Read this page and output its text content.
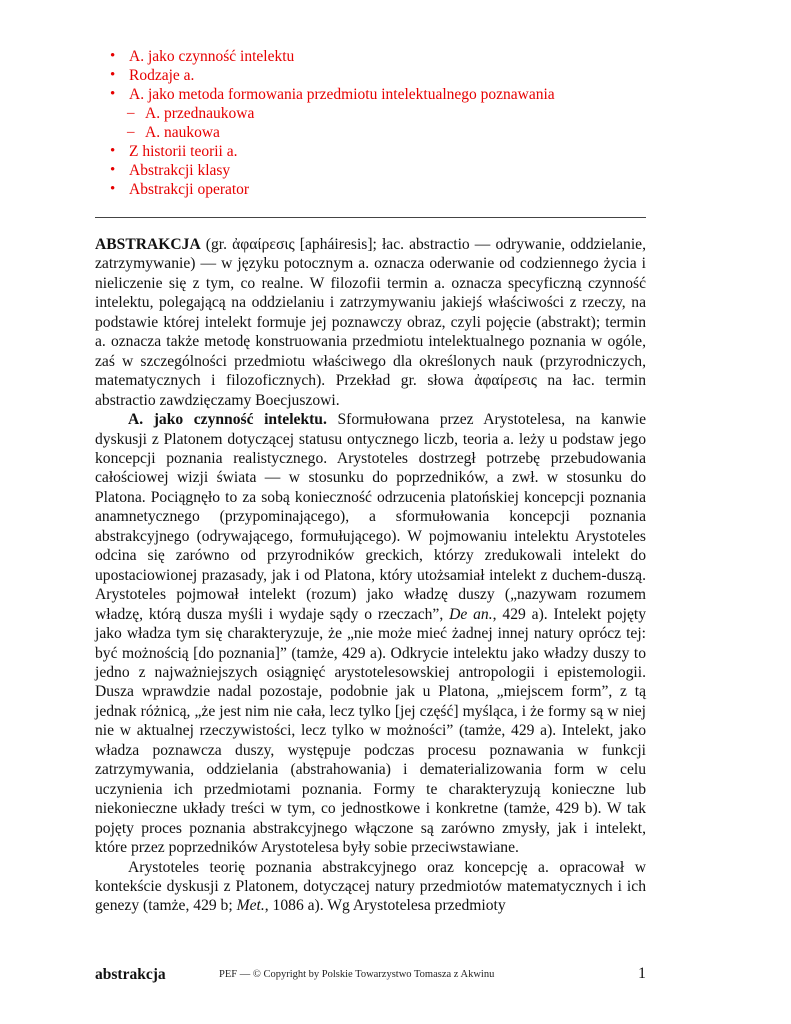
• A. jako czynność intelektu
• Rodzaje a.
• A. jako metoda formowania przedmiotu intelektualnego poznawania
– A. przednaukowa
– A. naukowa
• Z historii teorii a.
• Abstrakcji klasy
• Abstrakcji operator

ABSTRAKCJA (gr. ἀφαίρεσις [apháiresis]; łac. abstractio — odrywanie, oddzielanie, zatrzymywanie) — w języku potocznym a. oznacza oderwanie od codziennego życia i nieliczenie się z tym, co realne. W filozofii termin a. oznacza specyficzną czynność intelektu, polegającą na oddzielaniu i zatrzymywaniu jakiejś właściwości z rzeczy, na podstawie której intelekt formuje jej poznawczy obraz, czyli pojęcie (abstrakt); termin a. oznacza także metodę konstruowania przedmiotu intelektualnego poznania w ogóle, zaś w szczególności przedmiotu właściwego dla określonych nauk (przyrodniczych, matematycznych i filozoficznych). Przekład gr. słowa ἀφαίρεσις na łac. termin abstractio zawdzięczamy Boecjuszowi.

A. jako czynność intelektu. Sformułowana przez Arystotelesa, na kanwie dyskusji z Platonem dotyczącej statusu ontycznego liczb, teoria a. leży u podstaw jego koncepcji poznania realistycznego. Arystoteles dostrzegł potrzebę przebudowania całościowej wizji świata — w stosunku do poprzedników, a zwł. w stosunku do Platona. Pociągnęło to za sobą konieczność odrzucenia platońskiej koncepcji poznania anamnetycznego (przypominającego), a sformułowania koncepcji poznania abstrakcyjnego (odrywającego, formułującego). W pojmowaniu intelektu Arystoteles odcina się zarówno od przyrodników greckich, którzy zredukowali intelekt do upostaciowionej prazasady, jak i od Platona, który utożsamiał intelekt z duchem-duszą. Arystoteles pojmował intelekt (rozum) jako władzę duszy („nazywam rozumem władzę, którą dusza myśli i wydaje sądy o rzeczach”, De an., 429 a). Intelekt pojęty jako władza tym się charakteryzuje, że „nie może mieć żadnej innej natury oprócz tej: być możnością [do poznania]” (tamże, 429 a). Odkrycie intelektu jako władzy duszy to jedno z najważniejszych osiągnięć arystotelesowskiej antropologii i epistemologii. Dusza wprawdzie nadal pozostaje, podobnie jak u Platona, „miejscem form”, z tą jednak różnicą, „że jest nim nie cała, lecz tylko [jej część] myśląca, i że formy są w niej nie w aktualnej rzeczywistości, lecz tylko w możności” (tamże, 429 a). Intelekt, jako władza poznawcza duszy, występuje podczas procesu poznawania w funkcji zatrzymywania, oddzielania (abstrahowania) i dematerializowania form w celu uczynienia ich przedmiotami poznania. Formy te charakteryzują konieczne lub niekonieczne układy treści w tym, co jednostkowe i konkretne (tamże, 429 b). W tak pojęty proces poznania abstrakcyjnego włączone są zarówno zmysły, jak i intelekt, które przez poprzedników Arystotelesa były sobie przeciwstawiane.

Arystoteles teorię poznania abstrakcyjnego oraz koncepcję a. opracował w kontekście dyskusji z Platonem, dotyczącej natury przedmiotów matematycznych i ich genezy (tamże, 429 b; Met., 1086 a). Wg Arystotelesa przedmioty

abstrakcja	PEF — © Copyright by Polskie Towarzystwo Tomasza z Akwinu	1
